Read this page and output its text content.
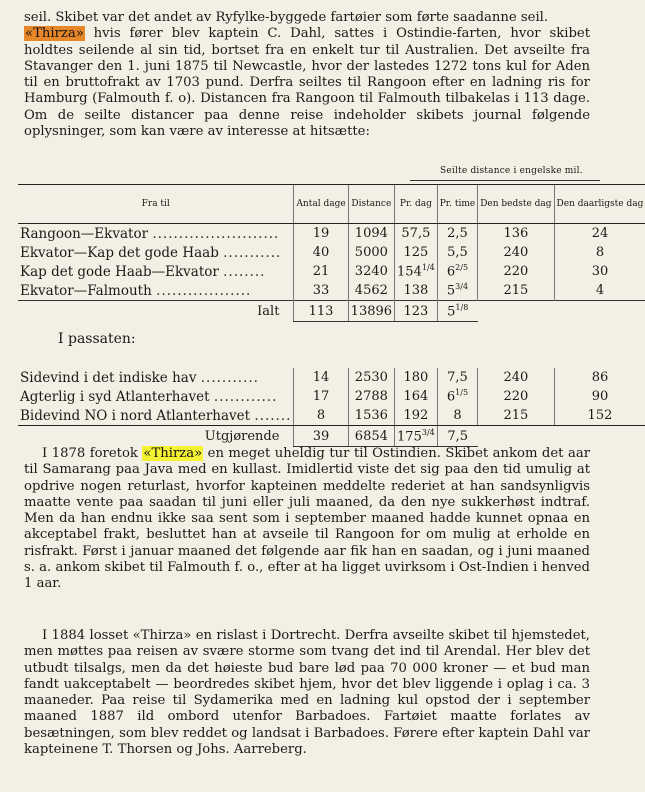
seil. Skibet var det andet av Ryfylke-byggede fartøier som førte saadanne seil.
«Thirza» hvis fører blev kaptein C. Dahl, sattes i Ostindie-farten, hvor skibet holdtes seilende al sin tid, bortset fra en enkelt tur til Australien. Det avseilte fra Stavanger den 1. juni 1875 til Newcastle, hvor der lastedes 1272 tons kul for Aden til en bruttofrakt av 1703 pund. Derfra seiltes til Rangoon efter en ladning ris for Hamburg (Falmouth f. o). Distancen fra Rangoon til Falmouth tilbakelas i 113 dage. Om de seilte distancer paa denne reise indeholder skibets journal følgende oplysninger, som kan være av interesse at hitsætte:

Seilte distance i engelske mil.
Fra til	Antal dage	Distance	Pr. dag	Pr. time	Den bedste dag	Den daarligste dag
Rangoon—Ekvator ........................	19	1094	57,5	2,5	136	24
Ekvator—Kap det gode Haab ...........	40	5000	125	5,5	240	8
Kap det gode Haab—Ekvator ........	21	3240	$154^{1/4}$	$6^{2/5}$	220	30
Ekvator—Falmouth ..................	33	4562	138	$5^{3/4}$	215	4
Ialt	113	13896	123	$5^{1/8}$		
I passaten:						

Sidevind i det indiske hav ...........	14	2530	180	7,5	240	86
Agterlig i syd Atlanterhavet ............	17	2788	164	$6^{1/5}$	220	90
Bidevind NO i nord Atlanterhavet .......	8	1536	192	8	215	152
Utgjørende	39	6854	$175^{3/4}$	7,5		

I 1878 foretok «Thirza» en meget uheldig tur til Ostindien. Skibet ankom det aar til Samarang paa Java med en kullast. Imidlertid viste det sig paa den tid umulig at opdrive nogen returlast, hvorfor kapteinen meddelte rederiet at han sandsynligvis maatte vente paa saadan til juni eller juli maaned, da den nye sukkerhøst indtraf. Men da han endnu ikke saa sent som i september maaned hadde kunnet opnaa en akceptabel frakt, besluttet han at avseile til Rangoon for om mulig at erholde en risfrakt. Først i januar maaned det følgende aar fik han en saadan, og i juni maaned s. a. ankom skibet til Falmouth f. o., efter at ha ligget uvirksom i Ost-Indien i henved 1 aar.

I 1884 losset «Thirza» en rislast i Dortrecht. Derfra avseilte skibet til hjemstedet, men møttes paa reisen av svære storme som tvang det ind til Arendal. Her blev det utbudt tilsalgs, men da det høieste bud bare lød paa 70 000 kroner — et bud man fandt uakceptabelt — beordredes skibet hjem, hvor det blev liggende i oplag i ca. 3 maaneder. Paa reise til Sydamerika med en ladning kul opstod der i september maaned 1887 ild ombord utenfor Barbadoes. Fartøiet maatte forlates av besætningen, som blev reddet og landsat i Barbadoes. Førere efter kaptein Dahl var kapteinene T. Thorsen og Johs. Aarreberg.
